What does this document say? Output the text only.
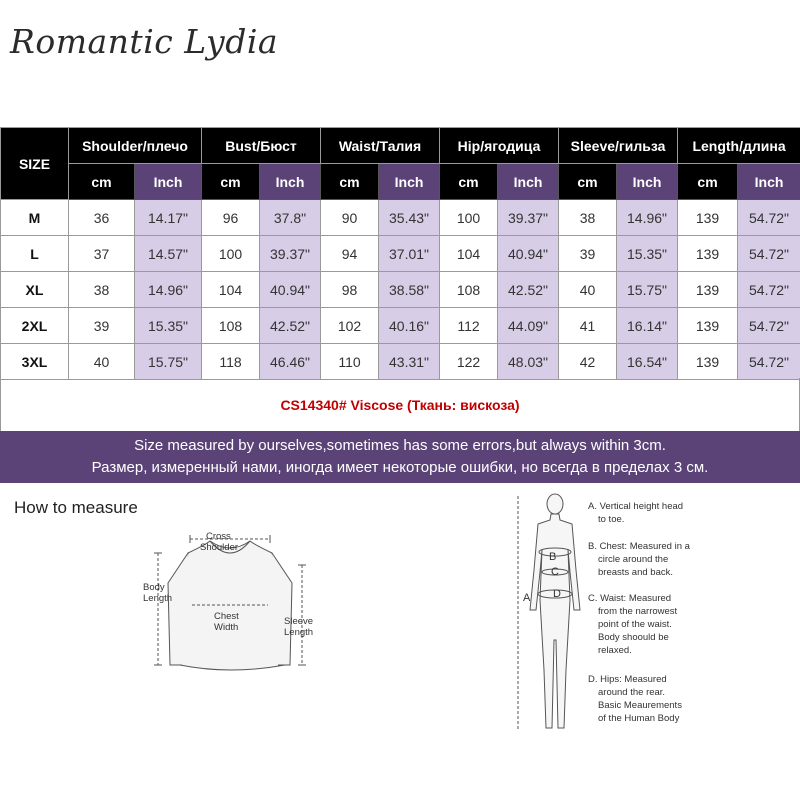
Romantic Lydia
SIZE	Shoulder/плечо		Bust/Бюст		Waist/Талия		Hip/ягодица		Sleeve/гильза		Length/длина	
	cm	Inch	cm	Inch	cm	Inch	cm	Inch	cm	Inch	cm	Inch
M	36	14.17"	96	37.8"	90	35.43"	100	39.37"	38	14.96"	139	54.72"
L	37	14.57"	100	39.37"	94	37.01"	104	40.94"	39	15.35"	139	54.72"
XL	38	14.96"	104	40.94"	98	38.58"	108	42.52"	40	15.75"	139	54.72"
2XL	39	15.35"	108	42.52"	102	40.16"	112	44.09"	41	16.14"	139	54.72"
3XL	40	15.75"	118	46.46"	110	43.31"	122	48.03"	42	16.54"	139	54.72"
CS14340# Viscose (Ткань: вискоза)
Size measured by ourselves,sometimes has some errors,but always within 3cm.
Размер, измеренный нами, иногда имеет некоторые ошибки, но всегда в пределах 3 см.
How to measure
Cross
Shoulder
Body
Length
Chest
Width
Sleeve
Length
A
B
C
D
A. Vertical height head
to toe.
B. Chest: Measured in a
circle around the
breasts and back.
C. Waist: Measured
from the narrowest
point of the waist.
Body shoould be
relaxed.
D. Hips: Measured
around the rear.
Basic Meaurements
of the Human Body
